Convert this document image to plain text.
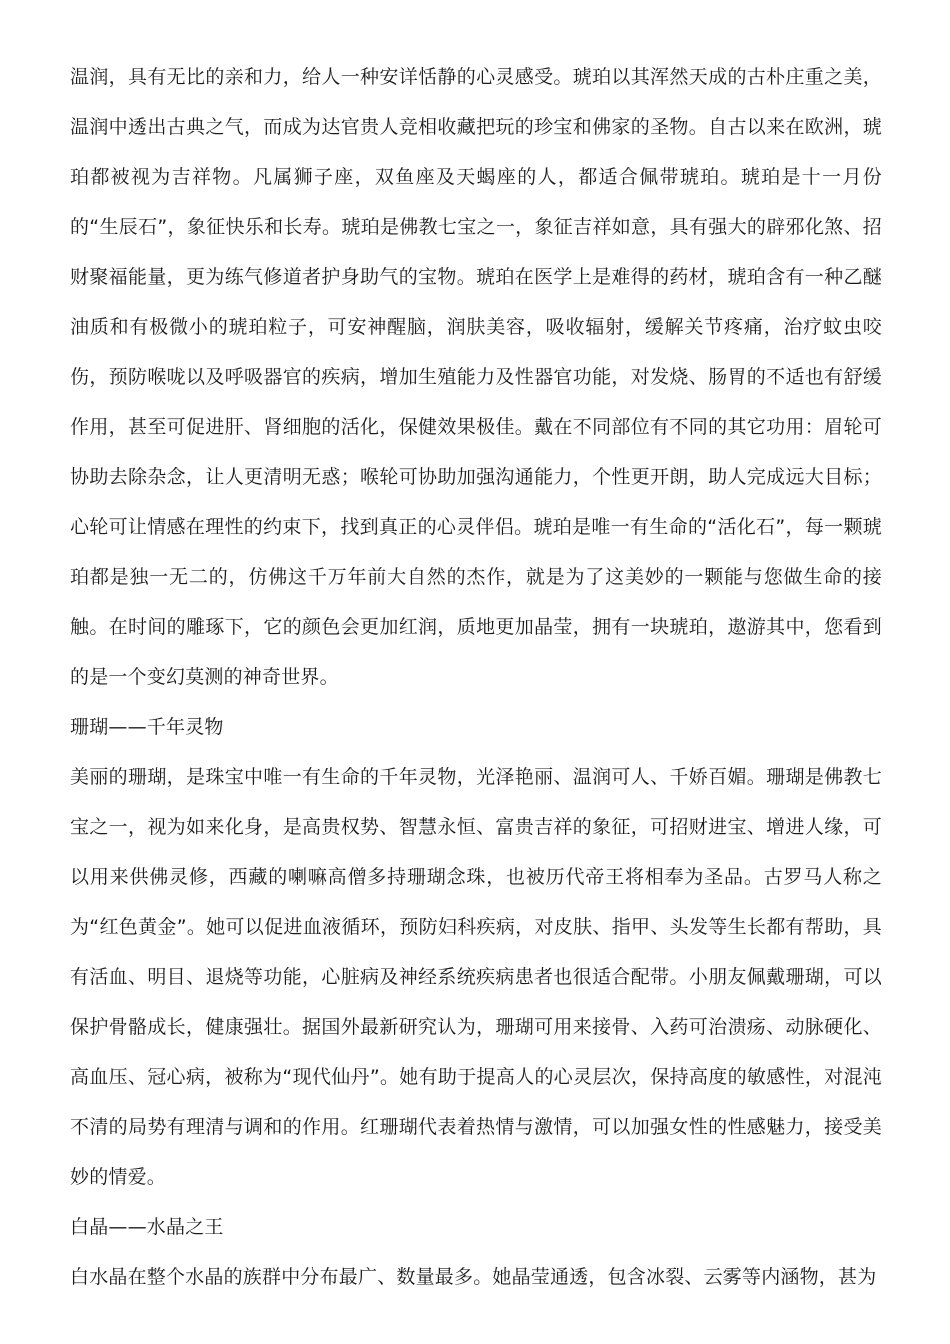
温润，具有无比的亲和力，给人一种安详恬静的心灵感受。琥珀以其浑然天成的古朴庄重之美，温润中透出古典之气，而成为达官贵人竞相收藏把玩的珍宝和佛家的圣物。自古以来在欧洲，琥珀都被视为吉祥物。凡属狮子座，双鱼座及天蝎座的人，都适合佩带琥珀。琥珀是十一月份的“生辰石”，象征快乐和长寿。琥珀是佛教七宝之一，象征吉祥如意，具有强大的辟邪化煞、招财聚福能量，更为练气修道者护身助气的宝物。琥珀在医学上是难得的药材，琥珀含有一种乙醚油质和有极微小的琥珀粒子，可安神醒脑，润肤美容，吸收辐射，缓解关节疼痛，治疗蚊虫咬伤，预防喉咙以及呼吸器官的疾病，增加生殖能力及性器官功能，对发烧、肠胃的不适也有舒缓作用，甚至可促进肝、肾细胞的活化，保健效果极佳。戴在不同部位有不同的其它功用：眉轮可协助去除杂念，让人更清明无惑；喉轮可协助加强沟通能力，个性更开朗，助人完成远大目标；心轮可让情感在理性的约束下，找到真正的心灵伴侣。琥珀是唯一有生命的“活化石”，每一颗琥珀都是独一无二的，仿佛这千万年前大自然的杰作，就是为了这美妙的一颗能与您做生命的接触。在时间的雕琢下，它的颜色会更加红润，质地更加晶莹，拥有一块琥珀，遨游其中，您看到的是一个变幻莫测的神奇世界。

珊瑚——千年灵物

美丽的珊瑚，是珠宝中唯一有生命的千年灵物，光泽艳丽、温润可人、千娇百媚。珊瑚是佛教七宝之一，视为如来化身，是高贵权势、智慧永恒、富贵吉祥的象征，可招财进宝、增进人缘，可以用来供佛灵修，西藏的喇嘛高僧多持珊瑚念珠，也被历代帝王将相奉为圣品。古罗马人称之为“红色黄金”。她可以促进血液循环，预防妇科疾病，对皮肤、指甲、头发等生长都有帮助，具有活血、明目、退烧等功能，心脏病及神经系统疾病患者也很适合配带。小朋友佩戴珊瑚，可以保护骨骼成长，健康强壮。据国外最新研究认为，珊瑚可用来接骨、入药可治溃疡、动脉硬化、高血压、冠心病，被称为“现代仙丹”。她有助于提高人的心灵层次，保持高度的敏感性，对混沌不清的局势有理清与调和的作用。红珊瑚代表着热情与激情，可以加强女性的性感魅力，接受美妙的情爱。

白晶——水晶之王

白水晶在整个水晶的族群中分布最广、数量最多。她晶莹通透，包含冰裂、云雾等内涵物，甚为
